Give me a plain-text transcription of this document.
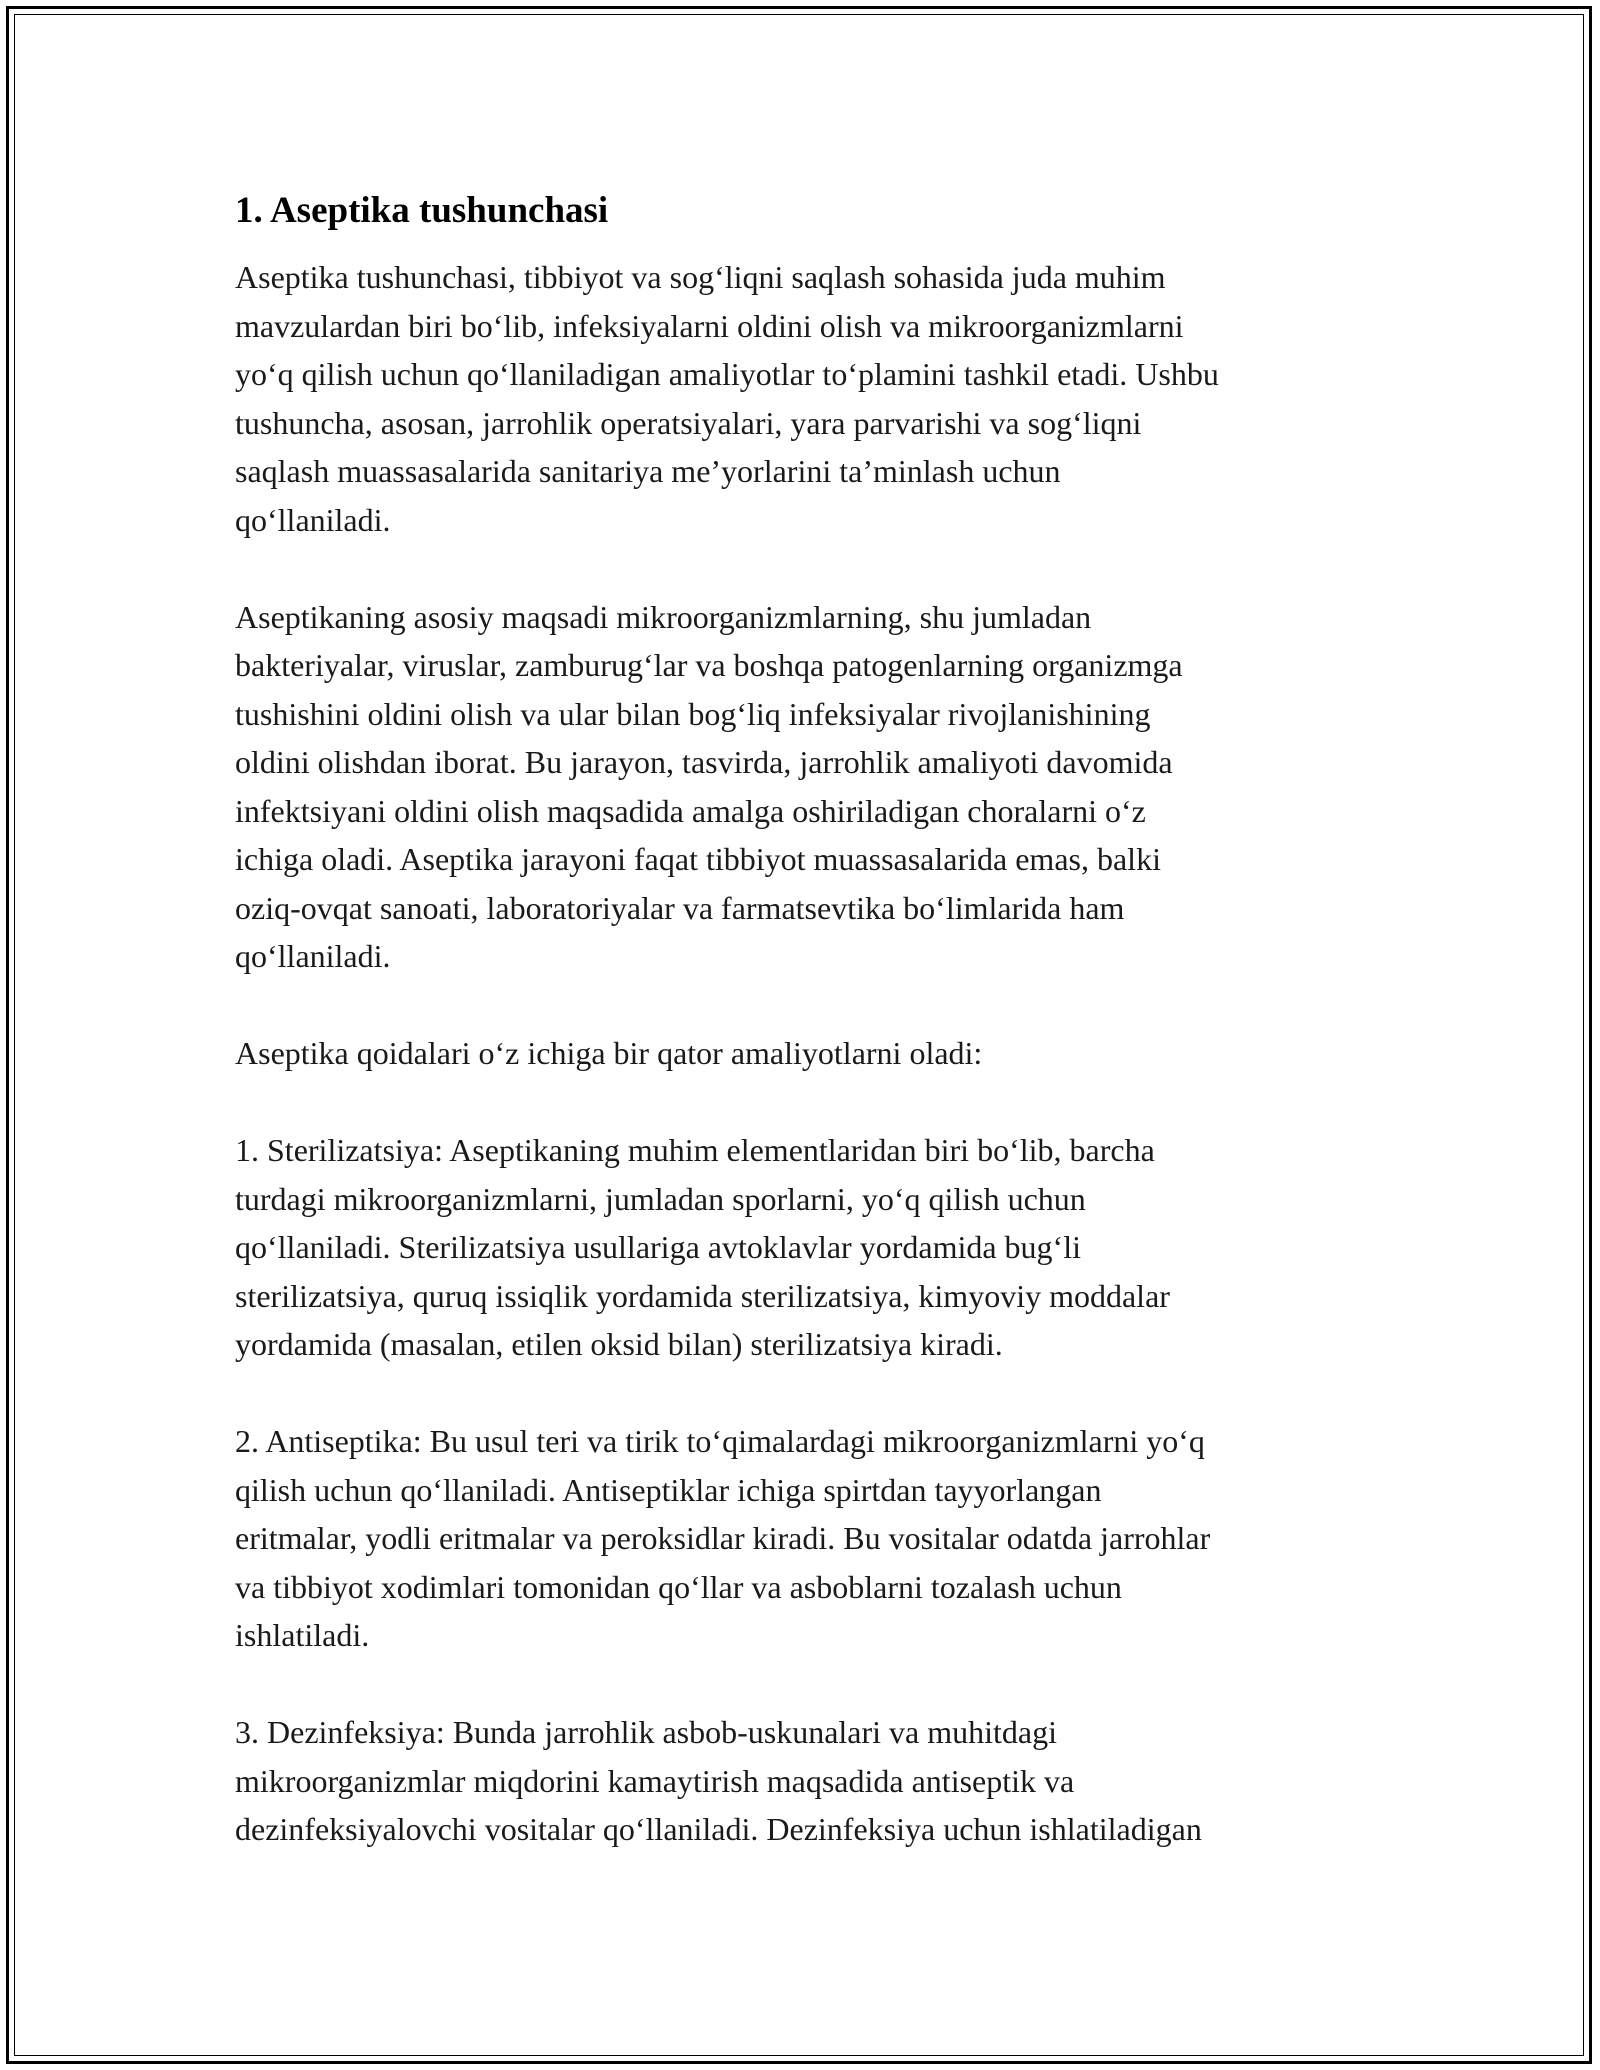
1. Aseptika tushunchasi

Aseptika tushunchasi, tibbiyot va sog‘liqni saqlash sohasida juda muhim
mavzulardan biri bo‘lib, infeksiyalarni oldini olish va mikroorganizmlarni
yo‘q qilish uchun qo‘llaniladigan amaliyotlar to‘plamini tashkil etadi. Ushbu
tushuncha, asosan, jarrohlik operatsiyalari, yara parvarishi va sog‘liqni
saqlash muassasalarida sanitariya me’yorlarini ta’minlash uchun
qo‘llaniladi.

Aseptikaning asosiy maqsadi mikroorganizmlarning, shu jumladan
bakteriyalar, viruslar, zamburug‘lar va boshqa patogenlarning organizmga
tushishini oldini olish va ular bilan bog‘liq infeksiyalar rivojlanishining
oldini olishdan iborat. Bu jarayon, tasvirda, jarrohlik amaliyoti davomida
infektsiyani oldini olish maqsadida amalga oshiriladigan choralarni o‘z
ichiga oladi. Aseptika jarayoni faqat tibbiyot muassasalarida emas, balki
oziq-ovqat sanoati, laboratoriyalar va farmatsevtika bo‘limlarida ham
qo‘llaniladi.

Aseptika qoidalari o‘z ichiga bir qator amaliyotlarni oladi:

1. Sterilizatsiya: Aseptikaning muhim elementlaridan biri bo‘lib, barcha
turdagi mikroorganizmlarni, jumladan sporlarni, yo‘q qilish uchun
qo‘llaniladi. Sterilizatsiya usullariga avtoklavlar yordamida bug‘li
sterilizatsiya, quruq issiqlik yordamida sterilizatsiya, kimyoviy moddalar
yordamida (masalan, etilen oksid bilan) sterilizatsiya kiradi.

2. Antiseptika: Bu usul teri va tirik to‘qimalardagi mikroorganizmlarni yo‘q
qilish uchun qo‘llaniladi. Antiseptiklar ichiga spirtdan tayyorlangan
eritmalar, yodli eritmalar va peroksidlar kiradi. Bu vositalar odatda jarrohlar
va tibbiyot xodimlari tomonidan qo‘llar va asboblarni tozalash uchun
ishlatiladi.

3. Dezinfeksiya: Bunda jarrohlik asbob-uskunalari va muhitdagi
mikroorganizmlar miqdorini kamaytirish maqsadida antiseptik va
dezinfeksiyalovchi vositalar qo‘llaniladi. Dezinfeksiya uchun ishlatiladigan
